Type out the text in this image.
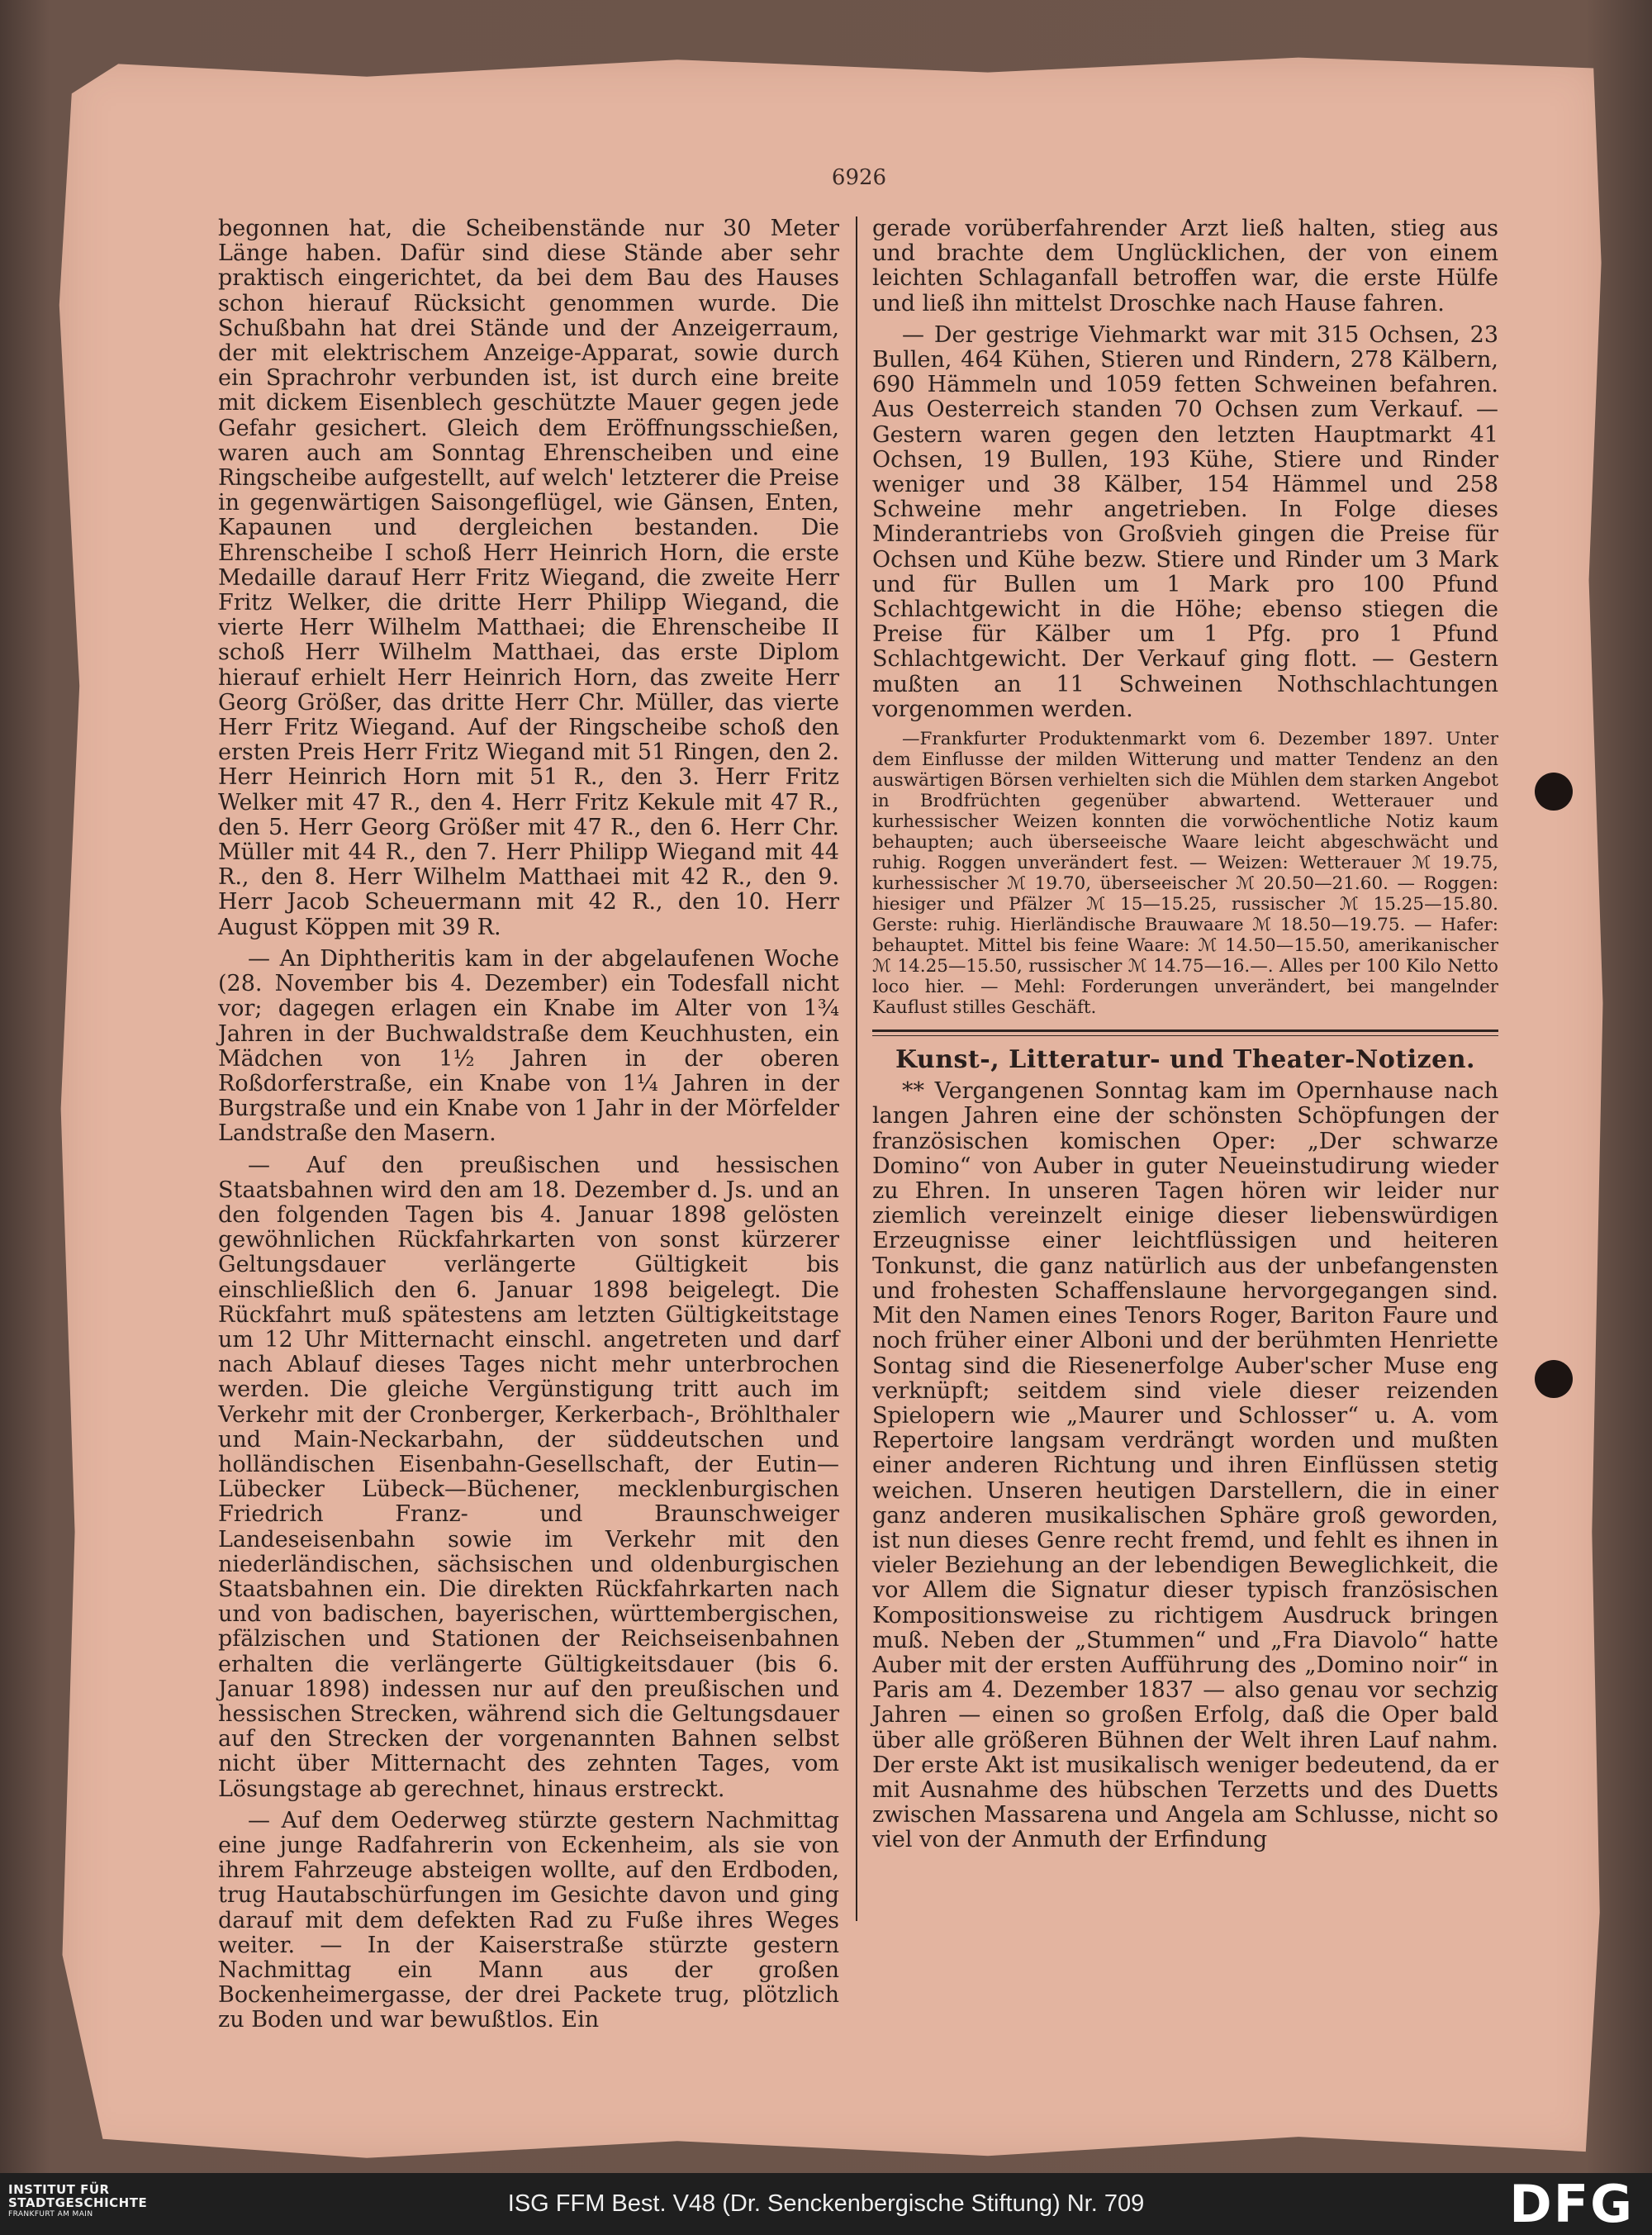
6926

begonnen hat, die Scheibenstände nur 30 Meter Länge haben. Dafür sind diese Stände aber sehr praktisch eingerichtet, da bei dem Bau des Hauses schon hierauf Rücksicht genommen wurde. Die Schußbahn hat drei Stände und der Anzeigerraum, der mit elektrischem Anzeige-Apparat, sowie durch ein Sprachrohr verbunden ist, ist durch eine breite mit dickem Eisenblech geschützte Mauer gegen jede Gefahr gesichert. Gleich dem Eröffnungsschießen, waren auch am Sonntag Ehrenscheiben und eine Ringscheibe aufgestellt, auf welch' letzterer die Preise in gegenwärtigen Saisongeflügel, wie Gänsen, Enten, Kapaunen und dergleichen bestanden. Die Ehrenscheibe I schoß Herr Heinrich Horn, die erste Medaille darauf Herr Fritz Wiegand, die zweite Herr Fritz Welker, die dritte Herr Philipp Wiegand, die vierte Herr Wilhelm Matthaei; die Ehrenscheibe II schoß Herr Wilhelm Matthaei, das erste Diplom hierauf erhielt Herr Heinrich Horn, das zweite Herr Georg Größer, das dritte Herr Chr. Müller, das vierte Herr Fritz Wiegand. Auf der Ringscheibe schoß den ersten Preis Herr Fritz Wiegand mit 51 Ringen, den 2. Herr Heinrich Horn mit 51 R., den 3. Herr Fritz Welker mit 47 R., den 4. Herr Fritz Kekule mit 47 R., den 5. Herr Georg Größer mit 47 R., den 6. Herr Chr. Müller mit 44 R., den 7. Herr Philipp Wiegand mit 44 R., den 8. Herr Wilhelm Matthaei mit 42 R., den 9. Herr Jacob Scheuermann mit 42 R., den 10. Herr August Köppen mit 39 R.

— An Diphtheritis kam in der abgelaufenen Woche (28. November bis 4. Dezember) ein Todesfall nicht vor; dagegen erlagen ein Knabe im Alter von 1¾ Jahren in der Buchwaldstraße dem Keuchhusten, ein Mädchen von 1½ Jahren in der oberen Roßdorferstraße, ein Knabe von 1¼ Jahren in der Burgstraße und ein Knabe von 1 Jahr in der Mörfelder Landstraße den Masern.

— Auf den preußischen und hessischen Staatsbahnen wird den am 18. Dezember d. Js. und an den folgenden Tagen bis 4. Januar 1898 gelösten gewöhnlichen Rückfahrkarten von sonst kürzerer Geltungsdauer verlängerte Gültigkeit bis einschließlich den 6. Januar 1898 beigelegt. Die Rückfahrt muß spätestens am letzten Gültigkeitstage um 12 Uhr Mitternacht einschl. angetreten und darf nach Ablauf dieses Tages nicht mehr unterbrochen werden. Die gleiche Vergünstigung tritt auch im Verkehr mit der Cronberger, Kerkerbach-, Bröhlthaler und Main-Neckarbahn, der süddeutschen und holländischen Eisenbahn-Gesellschaft, der Eutin—Lübecker Lübeck—Büchener, mecklenburgischen Friedrich Franz- und Braunschweiger Landeseisenbahn sowie im Verkehr mit den niederländischen, sächsischen und oldenburgischen Staatsbahnen ein. Die direkten Rückfahrkarten nach und von badischen, bayerischen, württembergischen, pfälzischen und Stationen der Reichseisenbahnen erhalten die verlängerte Gültigkeitsdauer (bis 6. Januar 1898) indessen nur auf den preußischen und hessischen Strecken, während sich die Geltungsdauer auf den Strecken der vorgenannten Bahnen selbst nicht über Mitternacht des zehnten Tages, vom Lösungstage ab gerechnet, hinaus erstreckt.

— Auf dem Oederweg stürzte gestern Nachmittag eine junge Radfahrerin von Eckenheim, als sie von ihrem Fahrzeuge absteigen wollte, auf den Erdboden, trug Hautabschürfungen im Gesichte davon und ging darauf mit dem defekten Rad zu Fuße ihres Weges weiter. — In der Kaiserstraße stürzte gestern Nachmittag ein Mann aus der großen Bockenheimergasse, der drei Packete trug, plötzlich zu Boden und war bewußtlos. Ein

gerade vorüberfahrender Arzt ließ halten, stieg aus und brachte dem Unglücklichen, der von einem leichten Schlaganfall betroffen war, die erste Hülfe und ließ ihn mittelst Droschke nach Hause fahren.

— Der gestrige Viehmarkt war mit 315 Ochsen, 23 Bullen, 464 Kühen, Stieren und Rindern, 278 Kälbern, 690 Hämmeln und 1059 fetten Schweinen befahren. Aus Oesterreich standen 70 Ochsen zum Verkauf. — Gestern waren gegen den letzten Hauptmarkt 41 Ochsen, 19 Bullen, 193 Kühe, Stiere und Rinder weniger und 38 Kälber, 154 Hämmel und 258 Schweine mehr angetrieben. In Folge dieses Minderantriebs von Großvieh gingen die Preise für Ochsen und Kühe bezw. Stiere und Rinder um 3 Mark und für Bullen um 1 Mark pro 100 Pfund Schlachtgewicht in die Höhe; ebenso stiegen die Preise für Kälber um 1 Pfg. pro 1 Pfund Schlachtgewicht. Der Verkauf ging flott. — Gestern mußten an 11 Schweinen Nothschlachtungen vorgenommen werden.

—Frankfurter Produktenmarkt vom 6. Dezember 1897. Unter dem Einflusse der milden Witterung und matter Tendenz an den auswärtigen Börsen verhielten sich die Mühlen dem starken Angebot in Brodfrüchten gegenüber abwartend. Wetterauer und kurhessischer Weizen konnten die vorwöchentliche Notiz kaum behaupten; auch überseeische Waare leicht abgeschwächt und ruhig. Roggen unverändert fest. — Weizen: Wetterauer ℳ 19.75, kurhessischer ℳ 19.70, überseeischer ℳ 20.50—21.60. — Roggen: hiesiger und Pfälzer ℳ 15—15.25, russischer ℳ 15.25—15.80. Gerste: ruhig. Hierländische Brauwaare ℳ 18.50—19.75. — Hafer: behauptet. Mittel bis feine Waare: ℳ 14.50—15.50, amerikanischer ℳ 14.25—15.50, russischer ℳ 14.75—16.—. Alles per 100 Kilo Netto loco hier. — Mehl: Forderungen unverändert, bei mangelnder Kauflust stilles Geschäft.

Kunst-, Litteratur- und Theater-Notizen.

** Vergangenen Sonntag kam im Opernhause nach langen Jahren eine der schönsten Schöpfungen der französischen komischen Oper: „Der schwarze Domino“ von Auber in guter Neueinstudirung wieder zu Ehren. In unseren Tagen hören wir leider nur ziemlich vereinzelt einige dieser liebenswürdigen Erzeugnisse einer leichtflüssigen und heiteren Tonkunst, die ganz natürlich aus der unbefangensten und frohesten Schaffenslaune hervorgegangen sind. Mit den Namen eines Tenors Roger, Bariton Faure und noch früher einer Alboni und der berühmten Henriette Sontag sind die Riesenerfolge Auber'scher Muse eng verknüpft; seitdem sind viele dieser reizenden Spielopern wie „Maurer und Schlosser“ u. A. vom Repertoire langsam verdrängt worden und mußten einer anderen Richtung und ihren Einflüssen stetig weichen. Unseren heutigen Darstellern, die in einer ganz anderen musikalischen Sphäre groß geworden, ist nun dieses Genre recht fremd, und fehlt es ihnen in vieler Beziehung an der lebendigen Beweglichkeit, die vor Allem die Signatur dieser typisch französischen Kompositionsweise zu richtigem Ausdruck bringen muß. Neben der „Stummen“ und „Fra Diavolo“ hatte Auber mit der ersten Aufführung des „Domino noir“ in Paris am 4. Dezember 1837 — also genau vor sechzig Jahren — einen so großen Erfolg, daß die Oper bald über alle größeren Bühnen der Welt ihren Lauf nahm. Der erste Akt ist musikalisch weniger bedeutend, da er mit Ausnahme des hübschen Terzetts und des Duetts zwischen Massarena und Angela am Schlusse, nicht so viel von der Anmuth der Erfindung

INSTITUT FÜR
STADTGESCHICHTE
FRANKFURT AM MAIN	ISG FFM Best. V48 (Dr. Senckenbergische Stiftung) Nr. 709	DFG
